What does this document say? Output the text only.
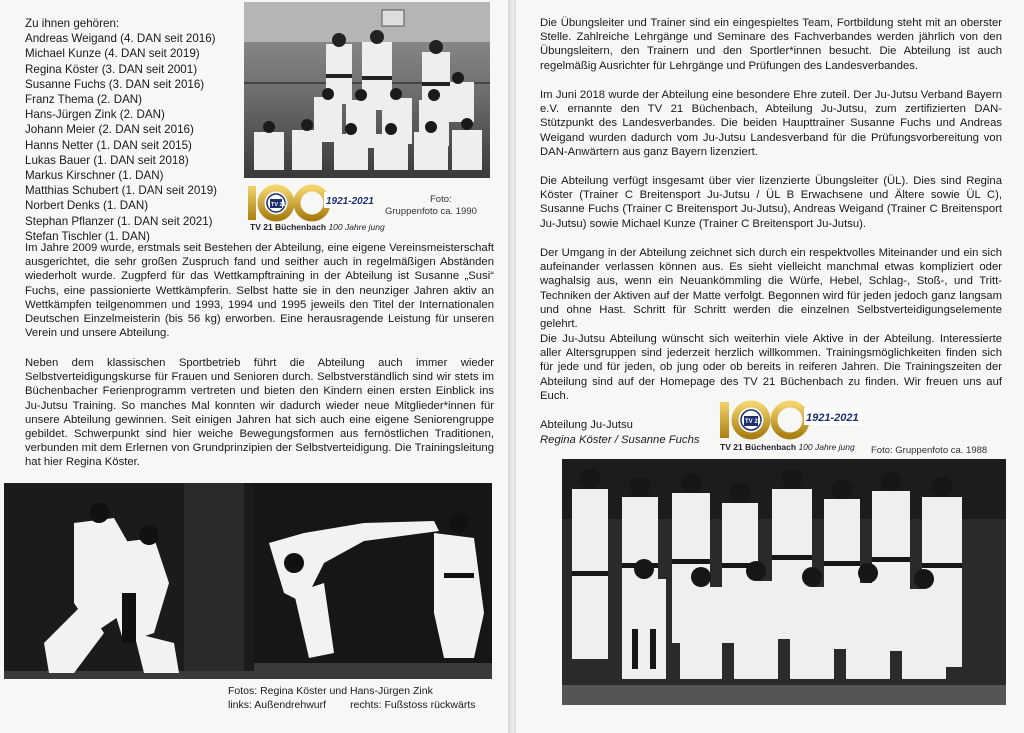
Zu ihnen gehören:
Andreas Weigand (4. DAN seit 2016)
Michael Kunze (4. DAN seit 2019)
Regina Köster (3. DAN seit 2001)
Susanne Fuchs (3. DAN seit 2016)
Franz Thema (2. DAN)
Hans-Jürgen Zink (2. DAN)
Johann Meier (2. DAN seit 2016)
Hanns Netter (1. DAN seit 2015)
Lukas Bauer (1. DAN seit 2018)
Markus Kirschner (1. DAN)
Matthias Schubert (1. DAN seit 2019)
Norbert Denks (1. DAN)
Stephan Pflanzer (1. DAN seit 2021)
Stefan Tischler (1. DAN)
1921-2021
TV 21
TV 21 Büchenbach 100 Jahre jung
Foto:
Gruppenfoto ca. 1990
Im Jahre 2009 wurde, erstmals seit Bestehen der Abteilung, eine eigene Vereinsmeisterschaft ausgerichtet, die sehr großen Zuspruch fand und seither auch in regelmäßigen Abständen wiederholt wurde. Zugpferd für das Wettkampftraining in der Abteilung ist Susanne „Susi“ Fuchs, eine passionierte Wettkämpferin. Selbst hatte sie in den neunziger Jahren aktiv an Wettkämpfen teilgenommen und 1993, 1994 und 1995 jeweils den Titel der Internationalen Deutschen Einzelmeisterin (bis 56 kg) erworben. Eine herausragende Leistung für unseren Verein und unsere Abteilung.
Neben dem klassischen Sportbetrieb führt die Abteilung auch immer wieder Selbstverteidigungskurse für Frauen und Senioren durch. Selbstverständlich sind wir stets im Büchenbacher Ferienprogramm vertreten und bieten den Kindern einen ersten Einblick ins Ju-Jutsu Training. So manches Mal konnten wir dadurch wieder neue Mitglieder*innen für unsere Abteilung gewinnen. Seit einigen Jahren hat sich auch eine eigene Seniorengruppe gebildet. Schwerpunkt sind hier weiche Bewegungsformen aus fernöstlichen Traditionen, verbunden mit dem Erlernen von Grundprinzipien der Selbstverteidigung. Die Trainingsleitung hat hier Regina Köster.
Fotos: Regina Köster und Hans-Jürgen Zink
links: Außendrehwurf rechts: Fußstoss rückwärts
Die Übungsleiter und Trainer sind ein eingespieltes Team, Fortbildung steht mit an oberster Stelle. Zahlreiche Lehrgänge und Seminare des Fachverbandes werden jährlich von den Übungsleitern, den Trainern und den Sportler*innen besucht. Die Abteilung ist auch regelmäßig Ausrichter für Lehrgänge und Prüfungen des Landesverbandes.
Im Juni 2018 wurde der Abteilung eine besondere Ehre zuteil. Der Ju-Jutsu Verband Bayern e.V. ernannte den TV 21 Büchenbach, Abteilung Ju-Jutsu, zum zertifizierten DAN-Stützpunkt des Landesverbandes. Die beiden Haupttrainer Susanne Fuchs und Andreas Weigand wurden dadurch vom Ju-Jutsu Landesverband für die Prüfungsvorbereitung von DAN-Anwärtern aus ganz Bayern lizenziert.
Die Abteilung verfügt insgesamt über vier lizenzierte Übungsleiter (ÜL). Dies sind Regina Köster (Trainer C Breitensport Ju-Jutsu / ÜL B Erwachsene und Ältere sowie ÜL C), Susanne Fuchs (Trainer C Breitensport Ju-Jutsu), Andreas Weigand (Trainer C Breitensport Ju-Jutsu) sowie Michael Kunze (Trainer C Breitensport Ju-Jutsu).
Der Umgang in der Abteilung zeichnet sich durch ein respektvolles Miteinander und ein sich aufeinander verlassen können aus. Es sieht vielleicht manchmal etwas kompliziert oder waghalsig aus, wenn ein Neuankömmling die Würfe, Hebel, Schlag-, Stoß-, und Tritt-Techniken der Aktiven auf der Matte verfolgt. Begonnen wird für jeden jedoch ganz langsam und ohne Hast. Schritt für Schritt werden die einzelnen Selbstverteidigungselemente gelehrt.
Die Ju-Jutsu Abteilung wünscht sich weiterhin viele Aktive in der Abteilung. Interessierte aller Altersgruppen sind jederzeit herzlich willkommen. Trainingsmöglichkeiten finden sich für jede und für jeden, ob jung oder ob bereits in reiferen Jahren. Die Trainingszeiten der Abteilung sind auf der Homepage des TV 21 Büchenbach zu finden. Wir freuen uns auf Euch.
Abteilung Ju-Jutsu
Regina Köster / Susanne Fuchs
1921-2021
TV 21
TV 21 Büchenbach 100 Jahre jung Foto: Gruppenfoto ca. 1988
